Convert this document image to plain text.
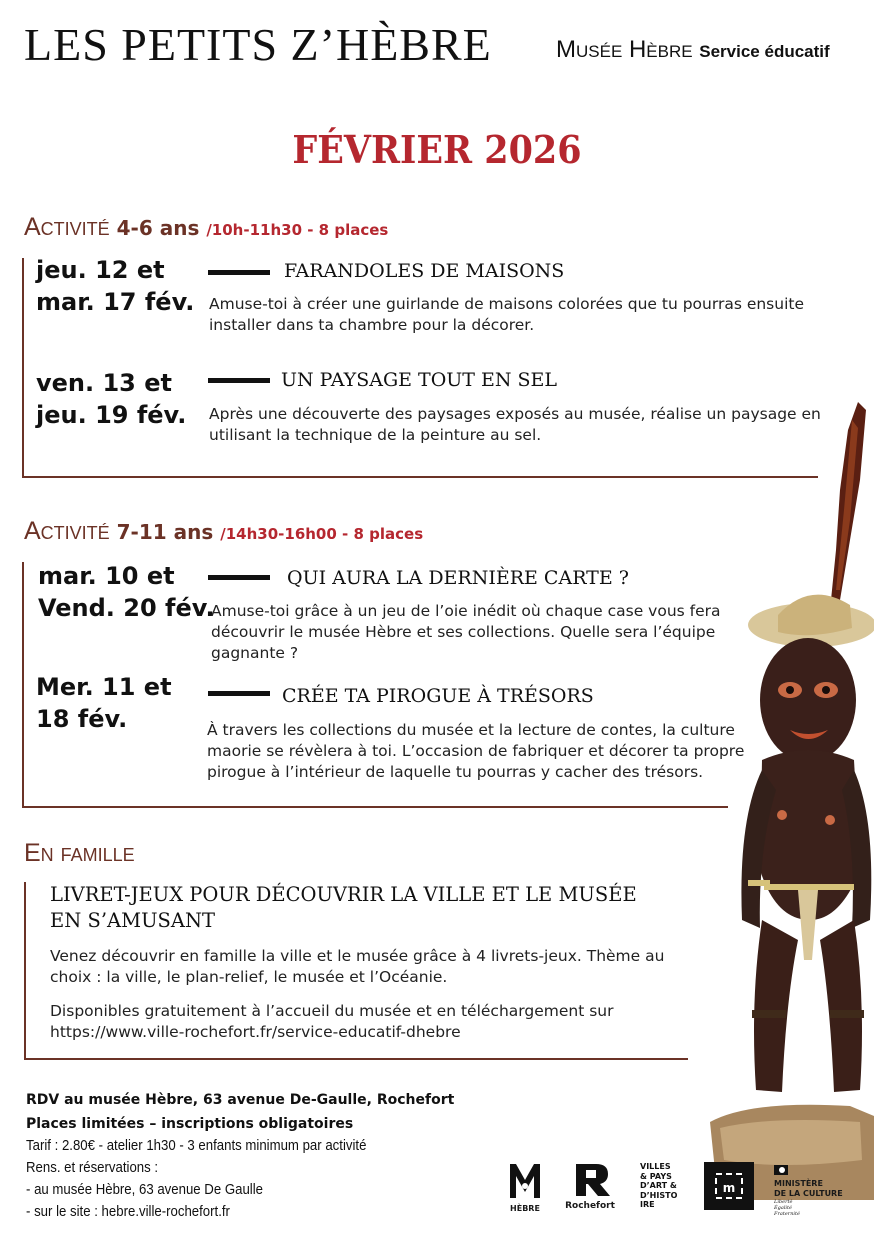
LES PETITS Z’HÈBRE	Musée Hèbre Service éducatif
FÉVRIER 2026
Activité 4-6 ans /10h-11h30 - 8 places
jeu. 12 et
mar. 17 fév.
FARANDOLES DE MAISONS
Amuse-toi à créer une guirlande de maisons colorées que tu pourras ensuite
installer dans ta chambre pour la décorer.
ven. 13 et
jeu. 19 fév.
UN PAYSAGE TOUT EN SEL
Après une découverte des paysages exposés au musée, réalise un paysage en
utilisant la technique de la peinture au sel.
Activité 7-11 ans /14h30-16h00 - 8 places
mar. 10 et
Vend. 20 fév.
QUI AURA LA DERNIÈRE CARTE ?
Amuse-toi grâce à un jeu de l’oie inédit où chaque case vous fera
découvrir le musée Hèbre et ses collections. Quelle sera l’équipe
gagnante ?
Mer. 11 et
18 fév.
CRÉE TA PIROGUE À TRÉSORS
À travers les collections du musée et la lecture de contes, la culture
maorie se révèlera à toi. L’occasion de fabriquer et décorer ta propre
pirogue à l’intérieur de laquelle tu pourras y cacher des trésors.
En famille
LIVRET-JEUX POUR DÉCOUVRIR LA VILLE ET LE MUSÉE
EN S’AMUSANT
Venez découvrir en famille la ville et le musée grâce à 4 livrets-jeux. Thème au
choix : la ville, le plan-relief, le musée et l’Océanie.
Disponibles gratuitement à l’accueil du musée et en téléchargement sur
https://www.ville-rochefort.fr/service-educatif-dhebre
RDV au musée Hèbre, 63 avenue De-Gaulle, Rochefort
Places limitées – inscriptions obligatoires
Tarif : 2.80€ - atelier 1h30 - 3 enfants minimum par activité
Rens. et réservations :
- au musée Hèbre, 63 avenue De Gaulle
- sur le site : hebre.ville-rochefort.fr	HÈBRE	Rochefort
VILLES & PAYS D’ART & D’HISTOIRE
m	MINISTÈRE
DE LA CULTURE
Liberté Égalité Fraternité
